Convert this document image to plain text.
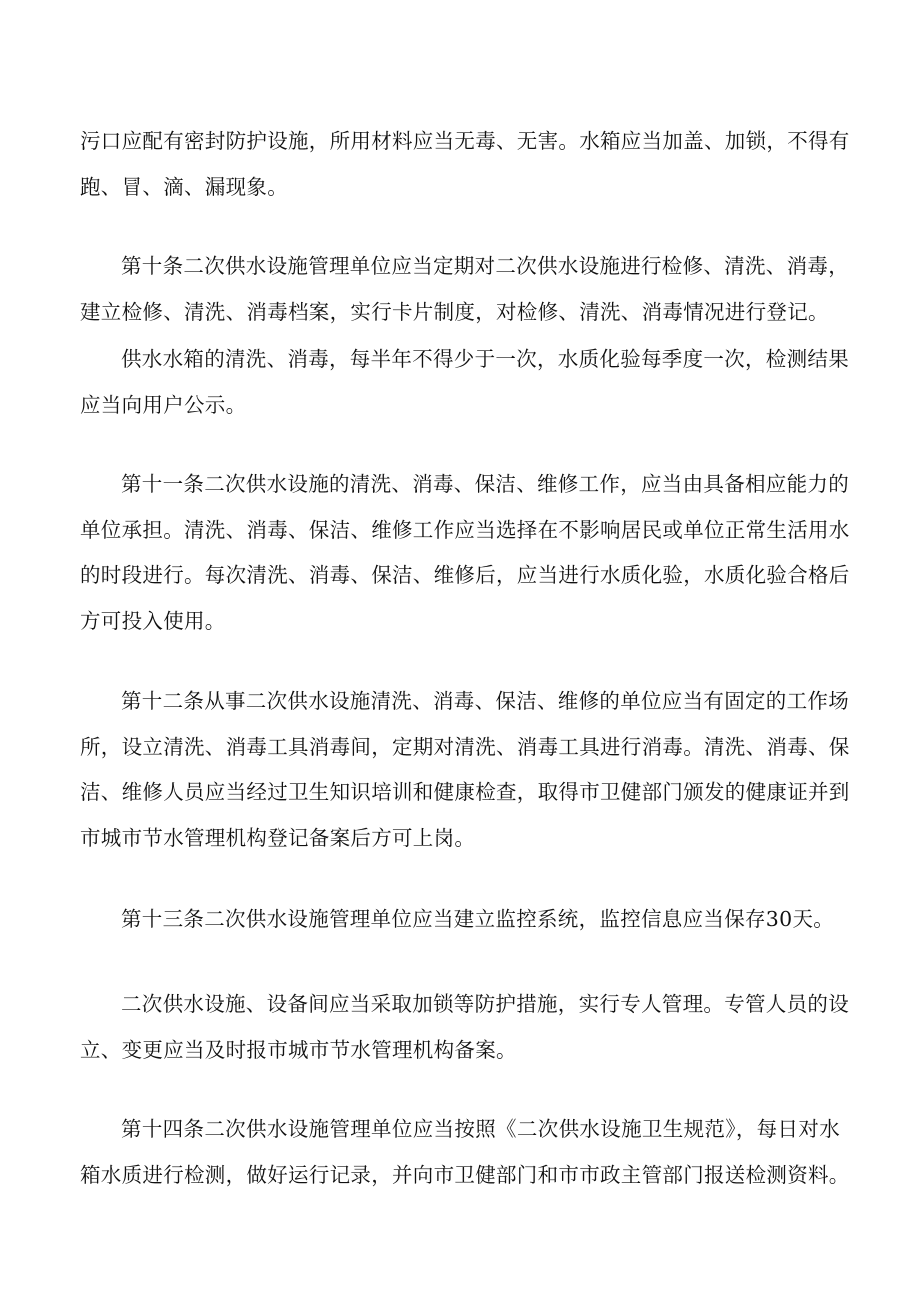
污口应配有密封防护设施，所用材料应当无毒、无害。水箱应当加盖、加锁，不得有
跑、冒、滴、漏现象。
第十条二次供水设施管理单位应当定期对二次供水设施进行检修、清洗、消毒，
建立检修、清洗、消毒档案，实行卡片制度，对检修、清洗、消毒情况进行登记。
供水水箱的清洗、消毒，每半年不得少于一次，水质化验每季度一次，检测结果
应当向用户公示。
第十一条二次供水设施的清洗、消毒、保洁、维修工作，应当由具备相应能力的
单位承担。清洗、消毒、保洁、维修工作应当选择在不影响居民或单位正常生活用水
的时段进行。每次清洗、消毒、保洁、维修后，应当进行水质化验，水质化验合格后
方可投入使用。
第十二条从事二次供水设施清洗、消毒、保洁、维修的单位应当有固定的工作场
所，设立清洗、消毒工具消毒间，定期对清洗、消毒工具进行消毒。清洗、消毒、保
洁、维修人员应当经过卫生知识培训和健康检查，取得市卫健部门颁发的健康证并到
市城市节水管理机构登记备案后方可上岗。
第十三条二次供水设施管理单位应当建立监控系统，监控信息应当保存30天。
二次供水设施、设备间应当采取加锁等防护措施，实行专人管理。专管人员的设
立、变更应当及时报市城市节水管理机构备案。
第十四条二次供水设施管理单位应当按照《二次供水设施卫生规范》，每日对水
箱水质进行检测，做好运行记录，并向市卫健部门和市市政主管部门报送检测资料。
